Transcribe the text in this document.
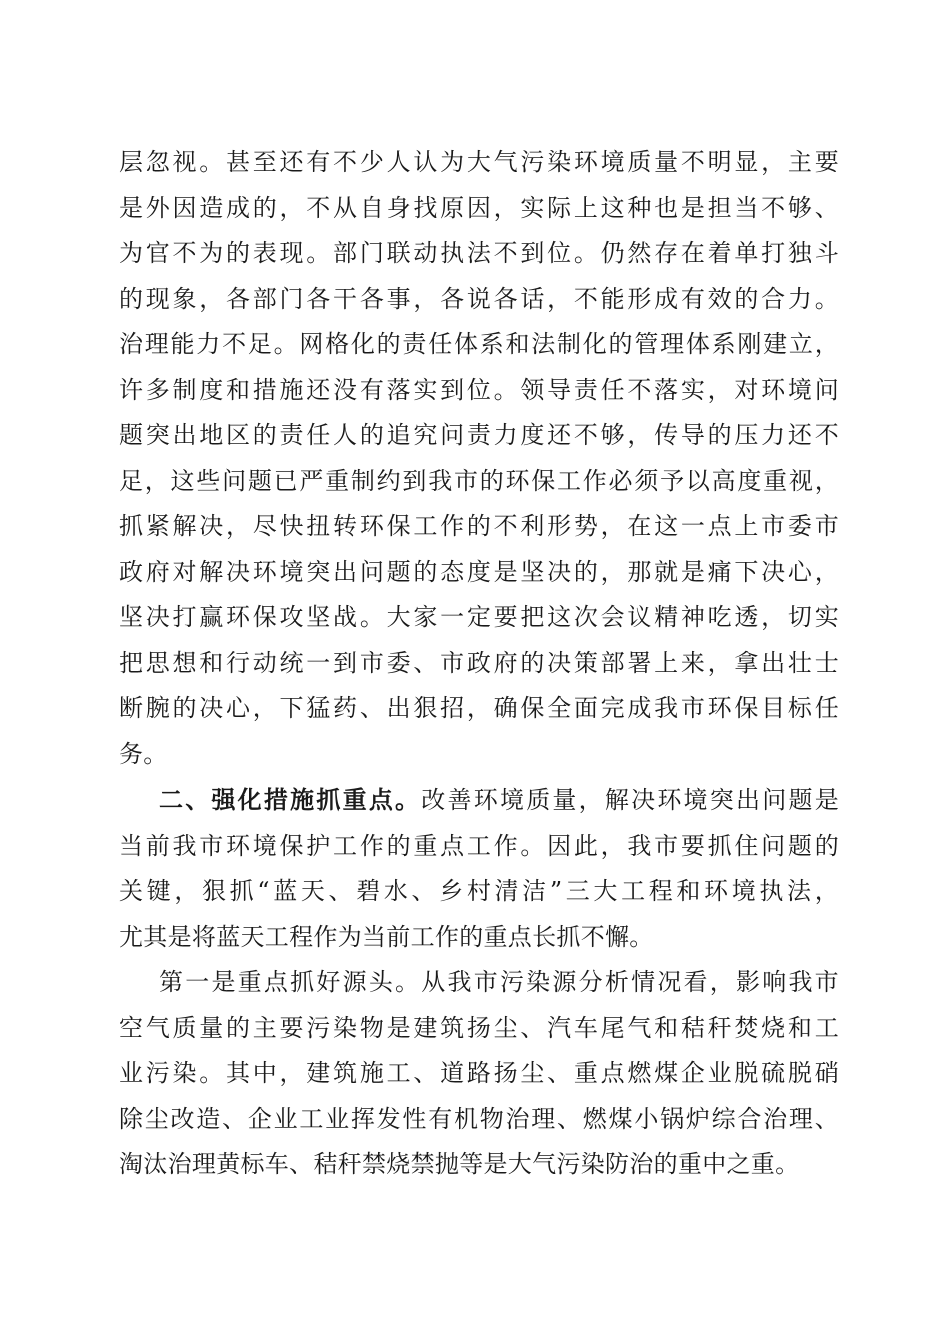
层忽视。甚至还有不少人认为大气污染环境质量不明显，主要
是外因造成的，不从自身找原因，实际上这种也是担当不够、
为官不为的表现。部门联动执法不到位。仍然存在着单打独斗
的现象，各部门各干各事，各说各话，不能形成有效的合力。
治理能力不足。网格化的责任体系和法制化的管理体系刚建立，
许多制度和措施还没有落实到位。领导责任不落实，对环境问
题突出地区的责任人的追究问责力度还不够，传导的压力还不
足，这些问题已严重制约到我市的环保工作必须予以高度重视，
抓紧解决，尽快扭转环保工作的不利形势，在这一点上市委市
政府对解决环境突出问题的态度是坚决的，那就是痛下决心，
坚决打赢环保攻坚战。大家一定要把这次会议精神吃透，切实
把思想和行动统一到市委、市政府的决策部署上来，拿出壮士
断腕的决心，下猛药、出狠招，确保全面完成我市环保目标任
务。
二、强化措施抓重点。改善环境质量，解决环境突出问题是
当前我市环境保护工作的重点工作。因此，我市要抓住问题的
关键，狠抓“蓝天、碧水、乡村清洁”三大工程和环境执法，
尤其是将蓝天工程作为当前工作的重点长抓不懈。
第一是重点抓好源头。从我市污染源分析情况看，影响我市
空气质量的主要污染物是建筑扬尘、汽车尾气和秸秆焚烧和工
业污染。其中，建筑施工、道路扬尘、重点燃煤企业脱硫脱硝
除尘改造、企业工业挥发性有机物治理、燃煤小锅炉综合治理、
淘汰治理黄标车、秸秆禁烧禁抛等是大气污染防治的重中之重。
